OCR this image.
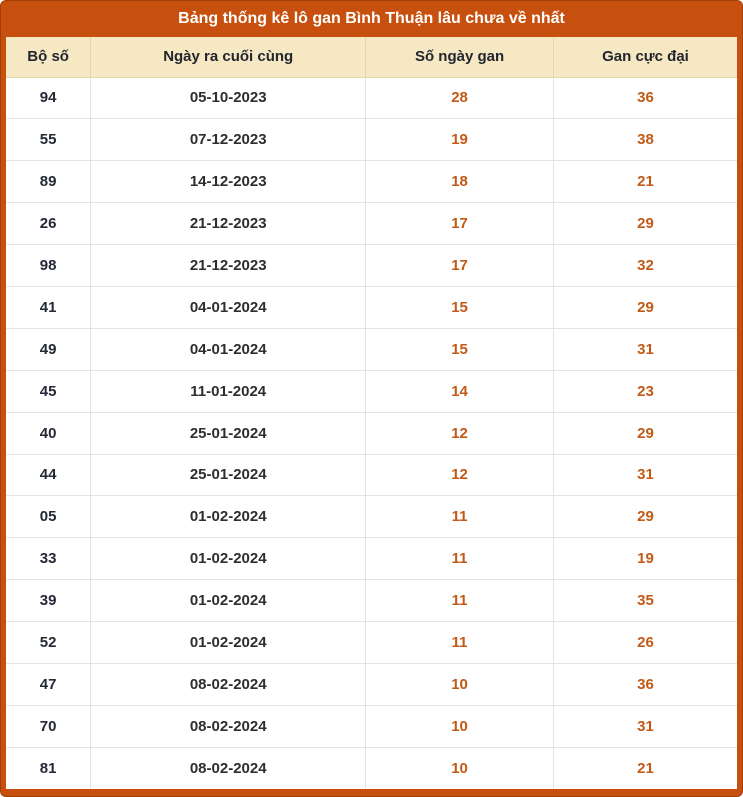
Bảng thống kê lô gan Bình Thuận lâu chưa về nhất
Bộ số	Ngày ra cuối cùng	Số ngày gan	Gan cực đại
94	05-10-2023	28	36
55	07-12-2023	19	38
89	14-12-2023	18	21
26	21-12-2023	17	29
98	21-12-2023	17	32
41	04-01-2024	15	29
49	04-01-2024	15	31
45	11-01-2024	14	23
40	25-01-2024	12	29
44	25-01-2024	12	31
05	01-02-2024	11	29
33	01-02-2024	11	19
39	01-02-2024	11	35
52	01-02-2024	11	26
47	08-02-2024	10	36
70	08-02-2024	10	31
81	08-02-2024	10	21
